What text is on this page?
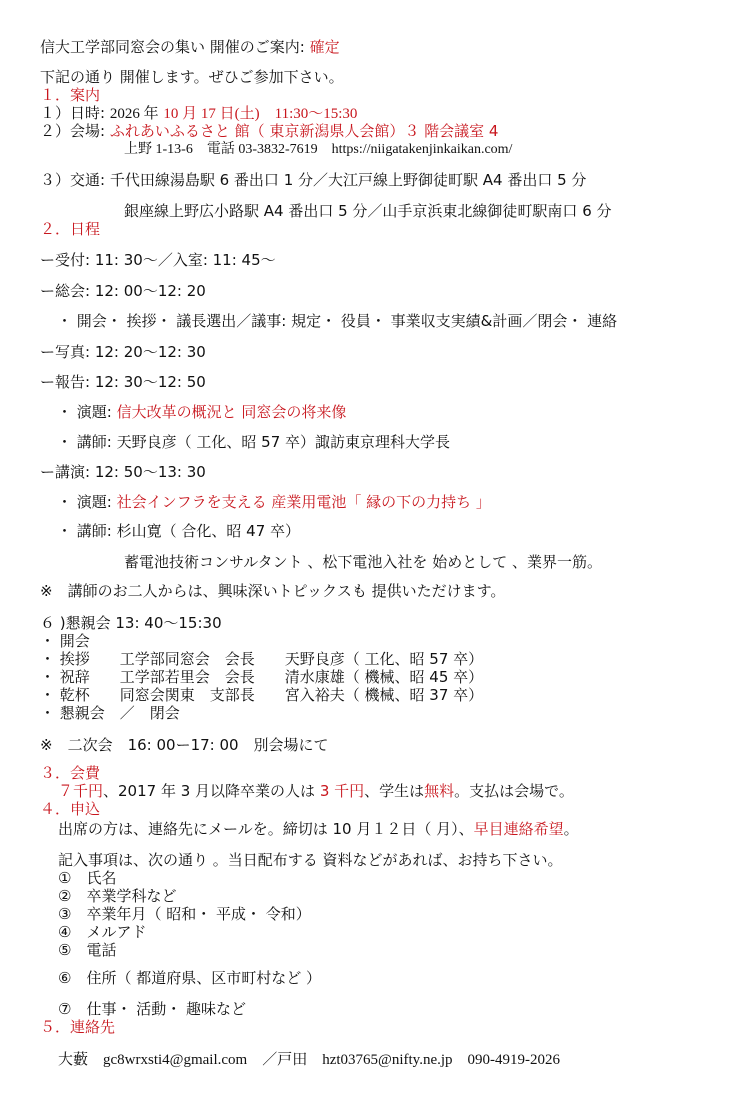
信大工学部同窓会の集い 開催のご案内: 確定
下記の通り 開催します。ぜひご参加下さい。
１．案内
１）日時: 2026 年 10 月 17 日(土)　11:30〜15:30
２）会場: ふれあいふるさと 館（ 東京新潟県人会館）３ 階会議室 4
上野 1-13-6　電話 03-3832-7619　https://niigatakenjinkaikan.com/
３）交通: 千代田線湯島駅 6 番出口 1 分／大江戸線上野御徒町駅 A4 番出口 5 分
銀座線上野広小路駅 A4 番出口 5 分／山手京浜東北線御徒町駅南口 6 分
２．日程
ー受付: 11: 30〜／入室: 11: 45〜
ー総会: 12: 00〜12: 20
・ 開会・ 挨拶・ 議長選出／議事: 規定・ 役員・ 事業収支実績&計画／閉会・ 連絡
ー写真: 12: 20〜12: 30
ー報告: 12: 30〜12: 50
・ 演題: 信大改革の概況と 同窓会の将来像
・ 講師: 天野良彦（ 工化、昭 57 卒）諏訪東京理科大学長
ー講演: 12: 50〜13: 30
・ 演題: 社会インフラを支える 産業用電池「 縁の下の力持ち 」
・ 講師: 杉山寛（ 合化、昭 47 卒）
蓄電池技術コンサルタント 、松下電池入社を 始めとして 、業界一筋。
※　講師のお二人からは、興味深いトピックスも 提供いただけます。
６ )懇親会 13: 40〜15:30
・ 開会
・ 挨拶　　工学部同窓会　会長　　天野良彦（ 工化、昭 57 卒）
・ 祝辞　　工学部若里会　会長　　清水康雄（ 機械、昭 45 卒）
・ 乾杯　　同窓会関東　支部長　　宮入裕夫（ 機械、昭 37 卒）
・ 懇親会　／　閉会
※　二次会　16: 00ー17: 00　別会場にて
３．会費
７千円、2017 年 3 月以降卒業の人は 3 千円、学生は無料。支払は会場で。
４．申込
出席の方は、連絡先にメールを。締切は 10 月１２日（ 月）、早目連絡希望。
記入事項は、次の通り 。当日配布する 資料などがあれば、お持ち下さい。
①　氏名
②　卒業学科など
③　卒業年月（ 昭和・ 平成・ 令和）
④　メルアド
⑤　電話
⑥　住所（ 都道府県、区市町村など ）
⑦　仕事・ 活動・ 趣味など
５．連絡先
大藪　gc8wrxsti4@gmail.com　／戸田　hzt03765@nifty.ne.jp　090-4919-2026
